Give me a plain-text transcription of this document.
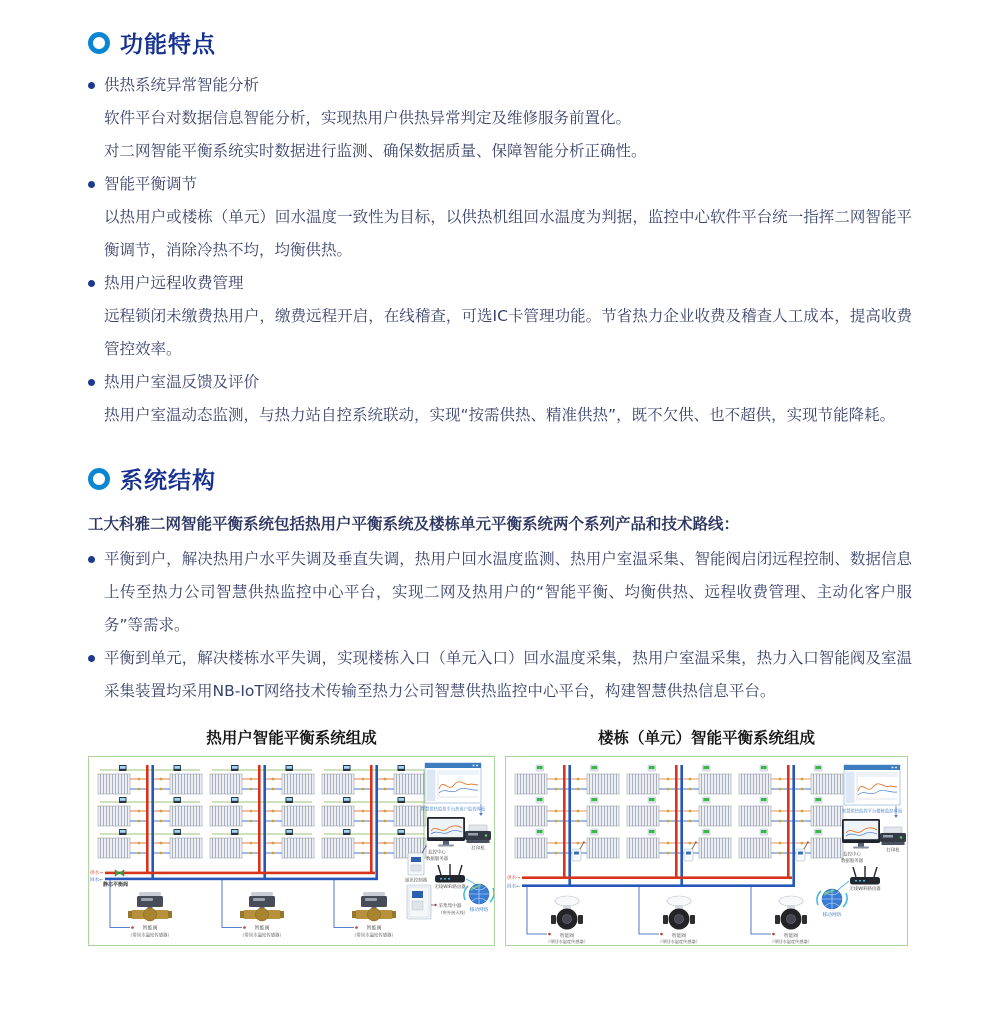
功能特点
供热系统异常智能分析

软件平台对数据信息智能分析，实现热用户供热异常判定及维修服务前置化。

对二网智能平衡系统实时数据进行监测、确保数据质量、保障智能分析正确性。

智能平衡调节

以热用户或楼栋（单元）回水温度一致性为目标，以供热机组回水温度为判据，监控中心软件平台统一指挥二网智能平衡调节，消除冷热不均，均衡供热。

热用户远程收费管理

远程锁闭未缴费热用户，缴费远程开启，在线稽查，可选IC卡管理功能。节省热力企业收费及稽查人工成本，提高收费管控效率。

热用户室温反馈及评价

热用户室温动态监测，与热力站自控系统联动，实现“按需供热、精准供热”，既不欠供、也不超供，实现节能降耗。

系统结构

工大科雅二网智能平衡系统包括热用户平衡系统及楼栋单元平衡系统两个系列产品和技术路线：

平衡到户，解决热用户水平失调及垂直失调，热用户回水温度监测、热用户室温采集、智能阀启闭远程控制、数据信息上传至热力公司智慧供热监控中心平台，实现二网及热用户的“智能平衡、均衡供热、远程收费管理、主动化客户服务”等需求。
平衡到单元，解决楼栋水平失调，实现楼栋入口（单元入口）回水温度采集，热用户室温采集，热力入口智能阀及室温采集装置均采用NB-IoT网络技术传输至热力公司智慧供热监控中心平台，构建智慧供热信息平台。
热用户智能平衡系统组成
供水→
回水←
静态平衡阀
智能阀
（带回水温度传感器）
智能阀
（带回水温度传感器）
智能阀
（带回水温度传感器）
智慧供热监控平台热用户监控界面
监控中心
数据服务器
打印机
无线WIFI路由器
移动网络
通讯控制器
采集集中器
（带外接天线）
楼栋（单元）智能平衡系统组成
供水→
回水←
智能阀
（带回水温度传感器）
智能阀
（带回水温度传感器）
智能阀
（带回水温度传感器）
智慧供热监控平台楼栋监控界面
监控中心
数据服务器
打印机
无线WIFI路由器
移动网络
